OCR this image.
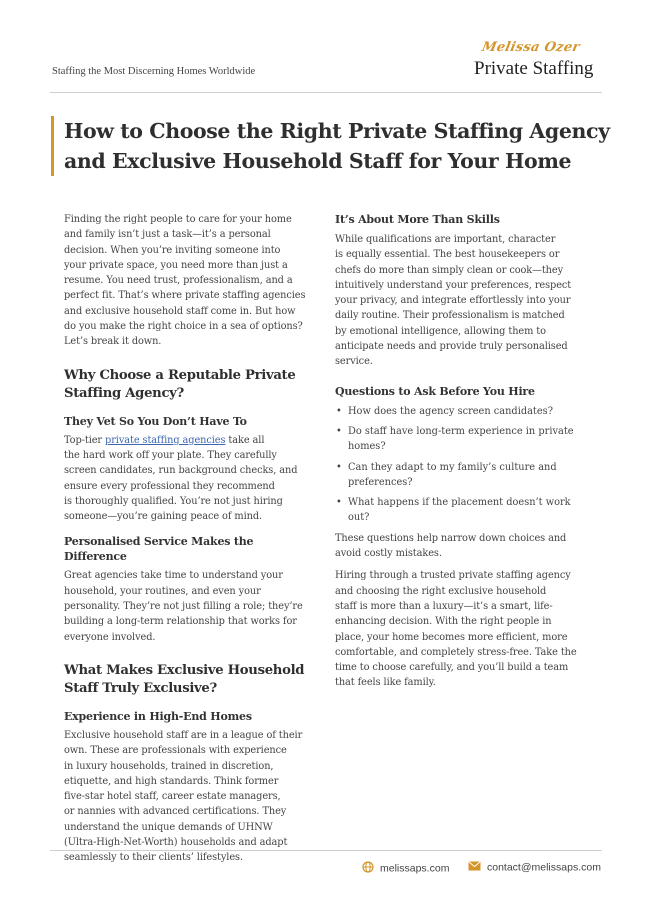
Staffing the Most Discerning Homes Worldwide
Melissa Ozer
Private Staffing
How to Choose the Right Private Staffing Agency
and Exclusive Household Staff for Your Home

Finding the right people to care for your home
and family isn’t just a task—it’s a personal
decision. When you’re inviting someone into
your private space, you need more than just a
resume. You need trust, professionalism, and a
perfect fit. That’s where private staffing agencies
and exclusive household staff come in. But how
do you make the right choice in a sea of options?
Let’s break it down.

Why Choose a Reputable Private
Staffing Agency?
They Vet So You Don’t Have To

Top-tier private staffing agencies take all
the hard work off your plate. They carefully
screen candidates, run background checks, and
ensure every professional they recommend
is thoroughly qualified. You’re not just hiring
someone—you’re gaining peace of mind.

Personalised Service Makes the Difference

Great agencies take time to understand your
household, your routines, and even your
personality. They’re not just filling a role; they’re
building a long-term relationship that works for
everyone involved.

What Makes Exclusive Household
Staff Truly Exclusive?
Experience in High-End Homes

Exclusive household staff are in a league of their
own. These are professionals with experience
in luxury households, trained in discretion,
etiquette, and high standards. Think former
five-star hotel staff, career estate managers,
or nannies with advanced certifications. They
understand the unique demands of UHNW
(Ultra-High-Net-Worth) households and adapt
seamlessly to their clients’ lifestyles.

It’s About More Than Skills

While qualifications are important, character
is equally essential. The best housekeepers or
chefs do more than simply clean or cook—they
intuitively understand your preferences, respect
your privacy, and integrate effortlessly into your
daily routine. Their professionalism is matched
by emotional intelligence, allowing them to
anticipate needs and provide truly personalised
service.

Questions to Ask Before You Hire
• How does the agency screen candidates?
• Do staff have long-term experience in private
homes?
• Can they adapt to my family’s culture and
preferences?
• What happens if the placement doesn’t work
out?

These questions help narrow down choices and
avoid costly mistakes.

Hiring through a trusted private staffing agency
and choosing the right exclusive household
staff is more than a luxury—it’s a smart, life-
enhancing decision. With the right people in
place, your home becomes more efficient, more
comfortable, and completely stress-free. Take the
time to choose carefully, and you’ll build a team
that feels like family.

melissaps.com	contact@melissaps.com
